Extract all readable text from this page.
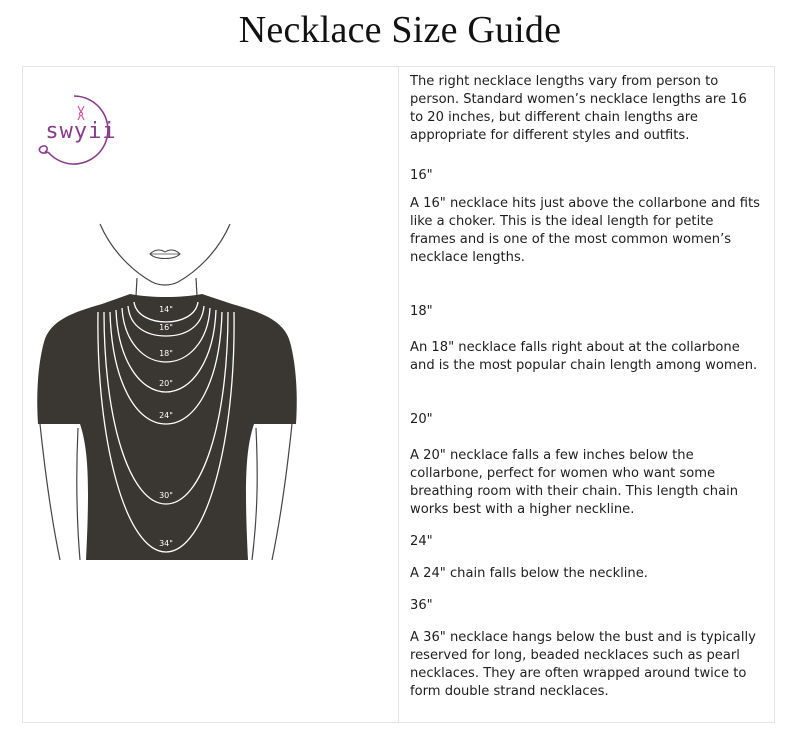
Necklace Size Guide
swyii
14"
16"
18"
20"
24"
30"
34"

The right necklace lengths vary from person to person. Standard women’s necklace lengths are 16 to 20 inches, but different chain lengths are appropriate for different styles and outfits.

16"

A 16" necklace hits just above the collarbone and fits like a choker. This is the ideal length for petite frames and is one of the most common women’s necklace lengths.

18"

An 18" necklace falls right about at the collarbone and is the most popular chain length among women.

20"

A 20" necklace falls a few inches below the collarbone, perfect for women who want some breathing room with their chain. This length chain works best with a higher neckline.

24"

A 24" chain falls below the neckline.

36"

A 36" necklace hangs below the bust and is typically reserved for long, beaded necklaces such as pearl necklaces. They are often wrapped around twice to form double strand necklaces.
